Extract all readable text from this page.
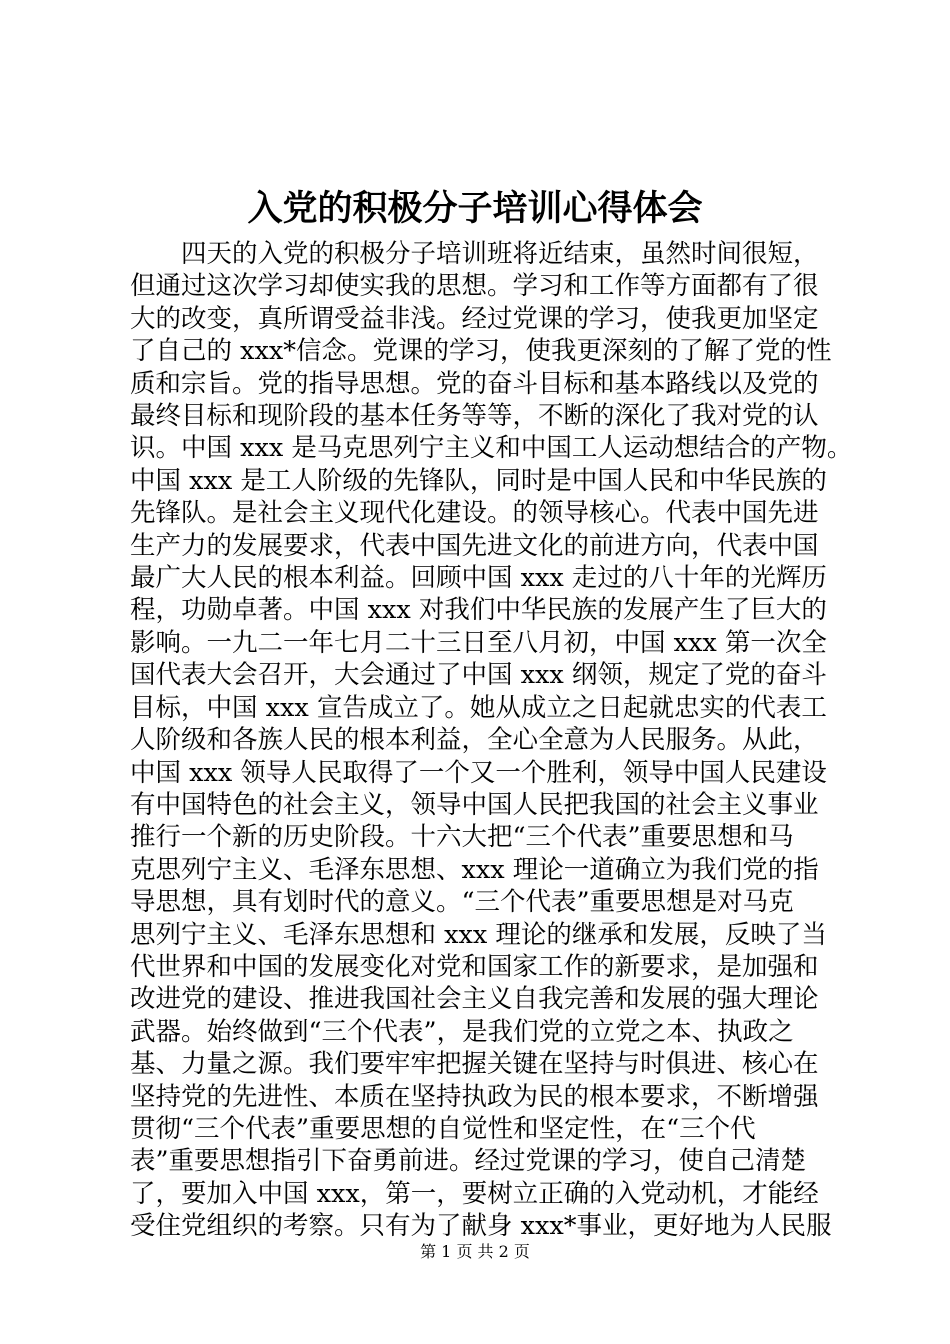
入党的积极分子培训心得体会
四天的入党的积极分子培训班将近结束，虽然时间很短，
但通过这次学习却使实我的思想。学习和工作等方面都有了很
大的改变，真所谓受益非浅。经过党课的学习，使我更加坚定
了自己的 xxx*信念。党课的学习，使我更深刻的了解了党的性
质和宗旨。党的指导思想。党的奋斗目标和基本路线以及党的
最终目标和现阶段的基本任务等等，不断的深化了我对党的认
识。中国 xxx 是马克思列宁主义和中国工人运动想结合的产物。
中国 xxx 是工人阶级的先锋队，同时是中国人民和中华民族的
先锋队。是社会主义现代化建设。的领导核心。代表中国先进
生产力的发展要求，代表中国先进文化的前进方向，代表中国
最广大人民的根本利益。回顾中国 xxx 走过的八十年的光辉历
程，功勋卓著。中国 xxx 对我们中华民族的发展产生了巨大的
影响。一九二一年七月二十三日至八月初，中国 xxx 第一次全
国代表大会召开，大会通过了中国 xxx 纲领，规定了党的奋斗
目标，中国 xxx 宣告成立了。她从成立之日起就忠实的代表工
人阶级和各族人民的根本利益，全心全意为人民服务。从此，
中国 xxx 领导人民取得了一个又一个胜利，领导中国人民建设
有中国特色的社会主义，领导中国人民把我国的社会主义事业
推行一个新的历史阶段。十六大把“三个代表”重要思想和马
克思列宁主义、毛泽东思想、xxx 理论一道确立为我们党的指
导思想，具有划时代的意义。“三个代表”重要思想是对马克
思列宁主义、毛泽东思想和 xxx 理论的继承和发展，反映了当
代世界和中国的发展变化对党和国家工作的新要求，是加强和
改进党的建设、推进我国社会主义自我完善和发展的强大理论
武器。始终做到“三个代表”，是我们党的立党之本、执政之
基、力量之源。我们要牢牢把握关键在坚持与时俱进、核心在
坚持党的先进性、本质在坚持执政为民的根本要求，不断增强
贯彻“三个代表”重要思想的自觉性和坚定性，在“三个代
表”重要思想指引下奋勇前进。经过党课的学习，使自己清楚
了，要加入中国 xxx，第一，要树立正确的入党动机，才能经
受住党组织的考察。只有为了献身 xxx*事业，更好地为人民服
第 1 页 共 2 页
